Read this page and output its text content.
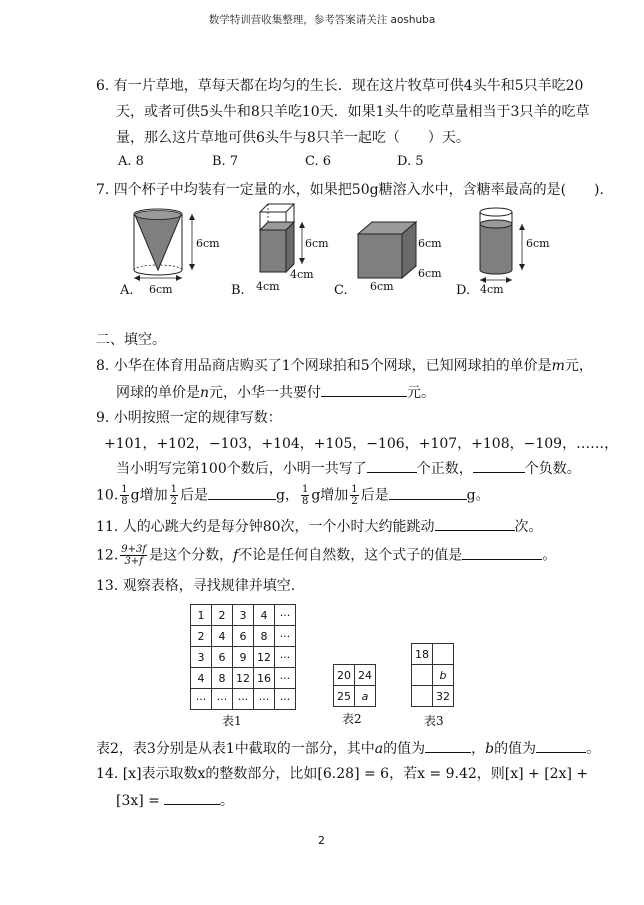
数学特训营收集整理，参考答案请关注 aoshuba
6. 有一片草地，草每天都在均匀的生长．现在这片牧草可供4头牛和5只羊吃20
天，或者可供5头牛和8只羊吃10天．如果1头牛的吃草量相当于3只羊的吃草
量，那么这片草地可供6头牛与8只羊一起吃（　　）天。
A. 8	B. 7	C. 6	D. 5
7. 四个杯子中均装有一定量的水，如果把50g糖溶入水中，含糖率最高的是(　　).
6cm
6cm
6cm
4cm
4cm
6cm
6cm
6cm
6cm
4cm
A.	B.	C.	D.
二、填空。
8. 小华在体育用品商店购买了1个网球拍和5个网球，已知网球拍的单价是m元，
网球的单价是n元，小华一共要付	元。
9. 小明按照一定的规律写数：
+101，+102，−103，+104，+105，−106，+107，+108，−109，……，
当小明写完第100个数后，小明一共写了	个正数，	个负数。
10. $\frac{1}{8}$ g增加 $\frac{1}{2}$ 后是	g， $\frac{1}{8}$ g增加 $\frac{1}{2}$ 后是	g。
11. 人的心跳大约是每分钟80次，一个小时大约能跳动	次。
12. $\frac{9+3f}{3+f}$ 是这个分数，f不论是任何自然数，这个式子的值是	。
13. 观察表格，寻找规律并填空.
1	2	3	4	···
2	4	6	8	···
3	6	9	12	···
4	8	12	16	···
···	···	···	···	···
表1
20	24
25	a
表2
18	
	b
	32
表3
表2，表3分别是从表1中截取的一部分，其中a的值为	，b的值为	。
14. [x]表示取数x的整数部分，比如[6.28] = 6，若x = 9.42，则[x] + [2x] +
[3x] =	。
2
